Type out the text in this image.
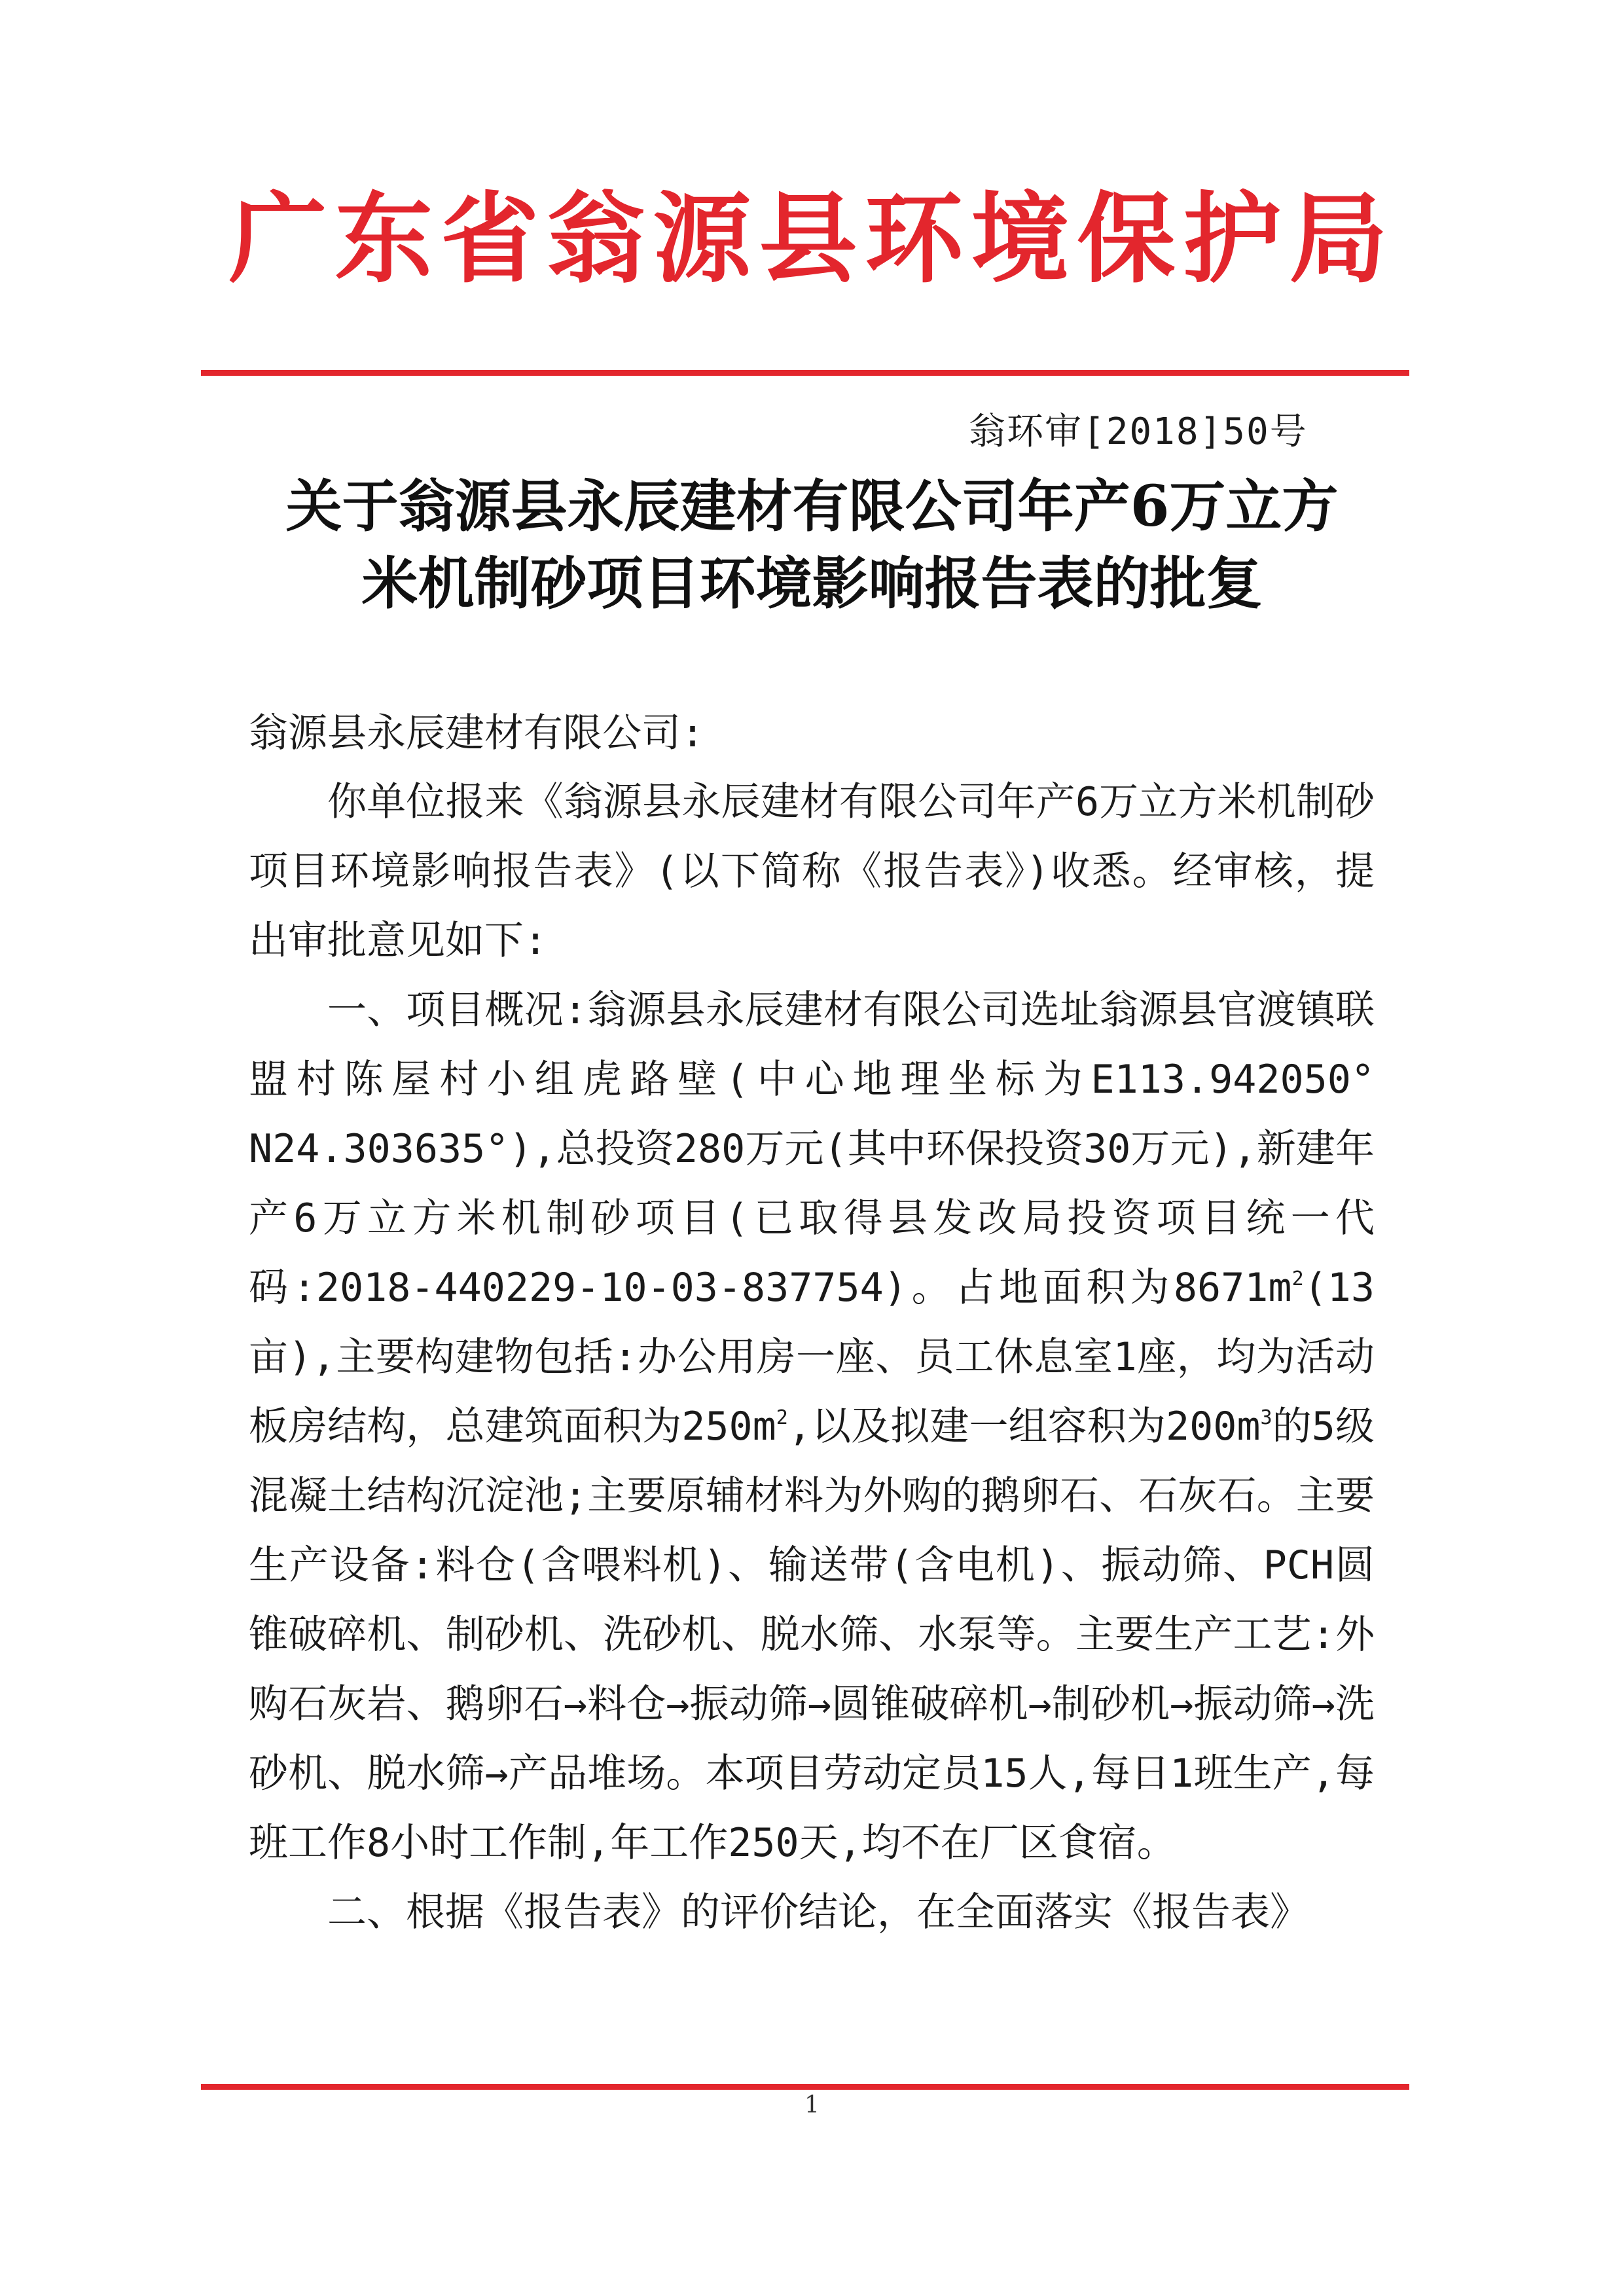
广东省翁源县环境保护局
翁环审[2018]50号
关于翁源县永辰建材有限公司年产6万立方
米机制砂项目环境影响报告表的批复
翁源县永辰建材有限公司:

你单位报来《翁源县永辰建材有限公司年产6万立方米机制砂项目环境影响报告表》(以下简称《报告表》)收悉。经审核，提出审批意见如下:

一、项目概况:翁源县永辰建材有限公司选址翁源县官渡镇联盟村陈屋村小组虎路壁(中心地理坐标为E113.942050° N24.303635°),总投资280万元(其中环保投资30万元),新建年产6万立方米机制砂项目(已取得县发改局投资项目统一代码:2018-440229-10-03-837754)。占地面积为$8671m^2(13$亩),主要构建物包括:办公用房一座、员工休息室1座，均为活动板房结构，总建筑面积为$250m^2$,以及拟建一组容积为$200m^3$的5级混凝土结构沉淀池;主要原辅材料为外购的鹅卵石、石灰石。主要生产设备:料仓(含喂料机)、输送带(含电机)、振动筛、PCH圆锥破碎机、制砂机、洗砂机、脱水筛、水泵等。主要生产工艺:外购石灰岩、鹅卵石→料仓→振动筛→圆锥破碎机→制砂机→振动筛→洗砂机、脱水筛→产品堆场。本项目劳动定员15人,每日1班生产,每班工作8小时工作制,年工作250天,均不在厂区食宿。

二、根据《报告表》的评价结论，在全面落实《报告表》

1
